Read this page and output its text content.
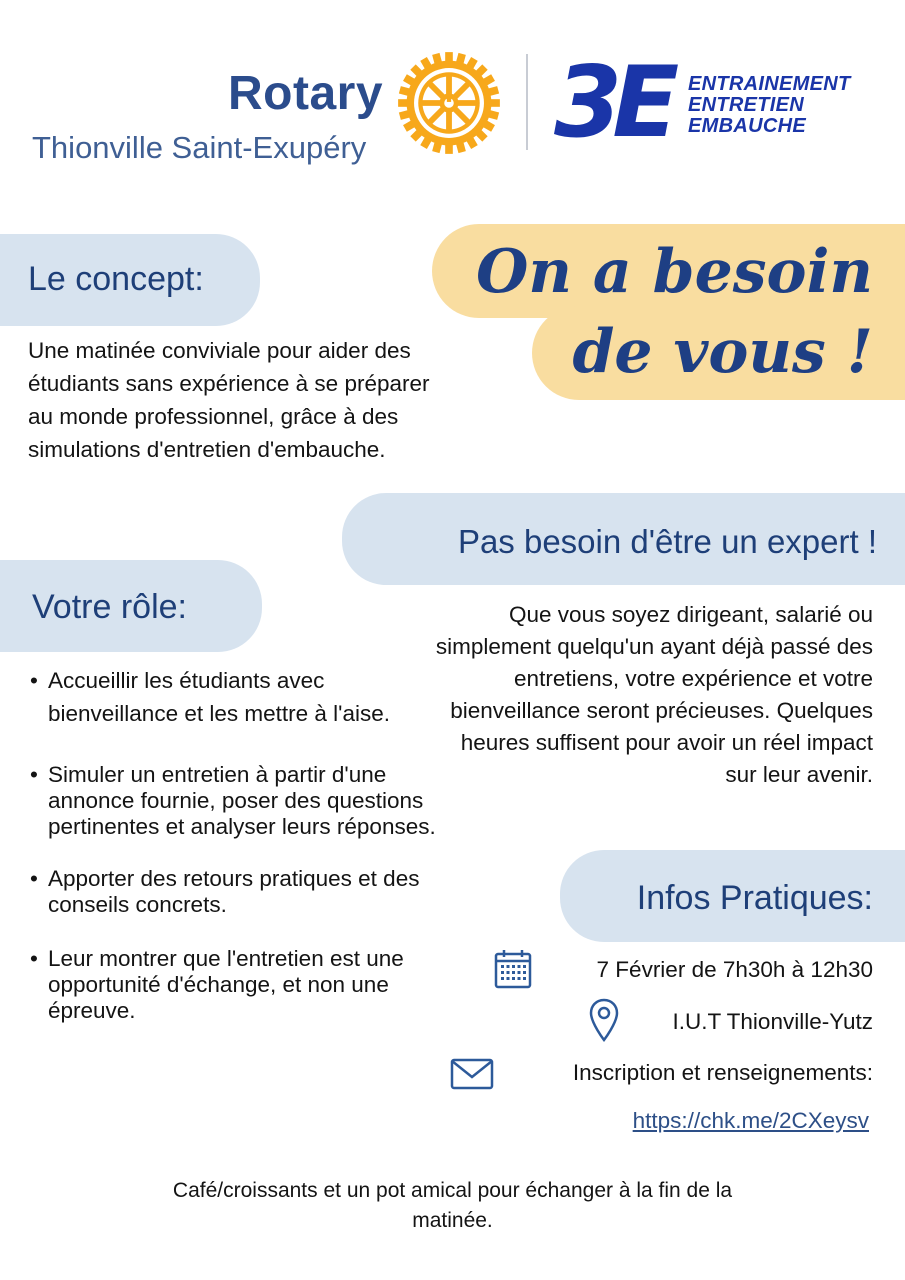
Rotary
Thionville Saint-Exupéry 3E ENTRAINEMENT
ENTRETIEN
EMBAUCHE
Le concept:
Une matinée conviviale pour aider des étudiants sans expérience à se préparer au monde professionnel, grâce à des simulations d'entretien d'embauche.
On a besoin
de vous !
Pas besoin d'être un expert !
Que vous soyez dirigeant, salarié ou simplement quelqu'un ayant déjà passé des entretiens, votre expérience et votre bienveillance seront précieuses. Quelques heures suffisent pour avoir un réel impact sur leur avenir.
Votre rôle:
• Accueillir les étudiants avec bienveillance et les mettre à l'aise.
• Simuler un entretien à partir d'une annonce fournie, poser des questions pertinentes et analyser leurs réponses.
• Apporter des retours pratiques et des conseils concrets.
• Leur montrer que l'entretien est une opportunité d'échange, et non une épreuve.
Infos Pratiques:
7 Février de 7h30h à 12h30
I.U.T Thionville-Yutz
Inscription et renseignements:
https://chk.me/2CXeysv
Café/croissants et un pot amical pour échanger à la fin de la matinée.
